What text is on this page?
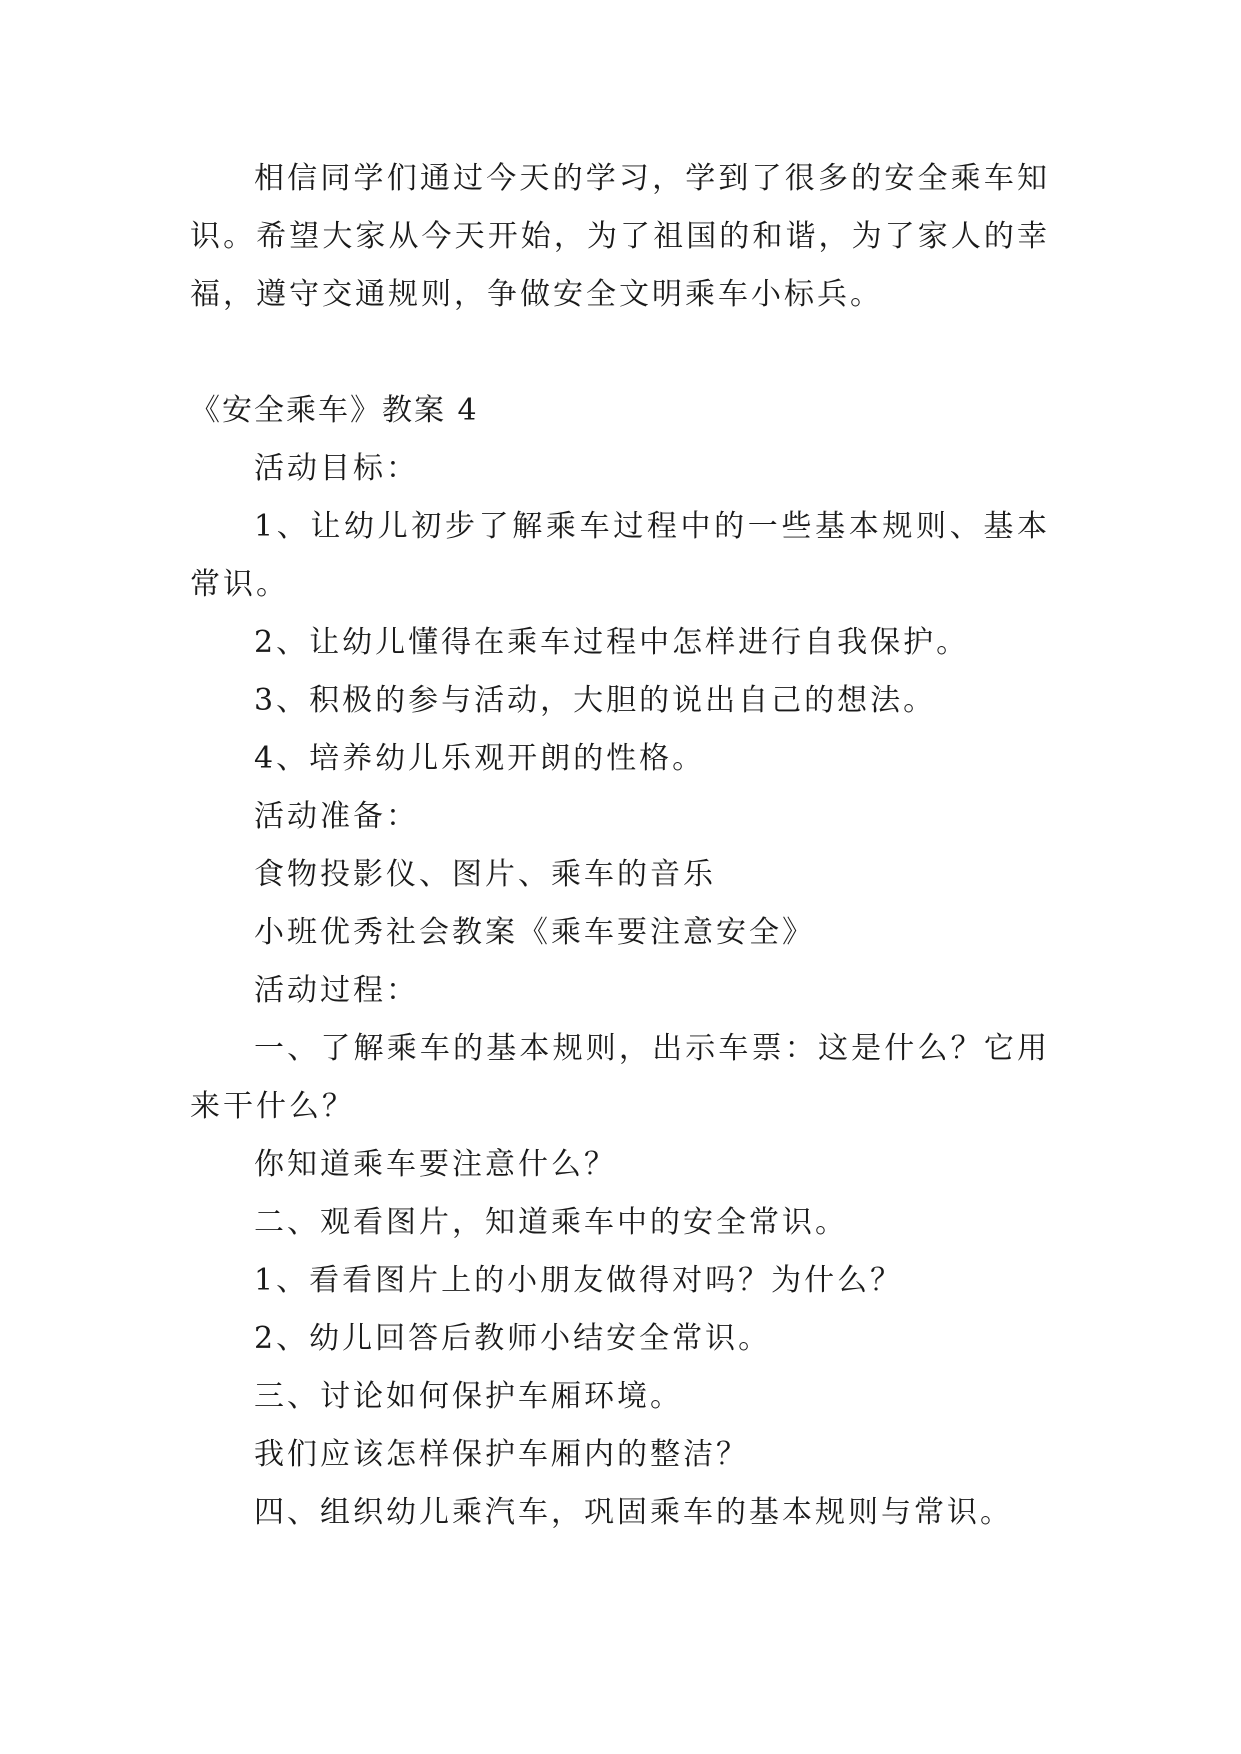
相信同学们通过今天的学习，学到了很多的安全乘车知识。希望大家从今天开始，为了祖国的和谐，为了家人的幸福，遵守交通规则，争做安全文明乘车小标兵。

《安全乘车》教案 4

活动目标：

1、让幼儿初步了解乘车过程中的一些基本规则、基本常识。

2、让幼儿懂得在乘车过程中怎样进行自我保护。

3、积极的参与活动，大胆的说出自己的想法。

4、培养幼儿乐观开朗的性格。

活动准备：

食物投影仪、图片、乘车的音乐

小班优秀社会教案《乘车要注意安全》

活动过程：

一、了解乘车的基本规则，出示车票：这是什么？它用来干什么？

你知道乘车要注意什么？

二、观看图片，知道乘车中的安全常识。

1、看看图片上的小朋友做得对吗？为什么？

2、幼儿回答后教师小结安全常识。

三、讨论如何保护车厢环境。

我们应该怎样保护车厢内的整洁？

四、组织幼儿乘汽车，巩固乘车的基本规则与常识。
